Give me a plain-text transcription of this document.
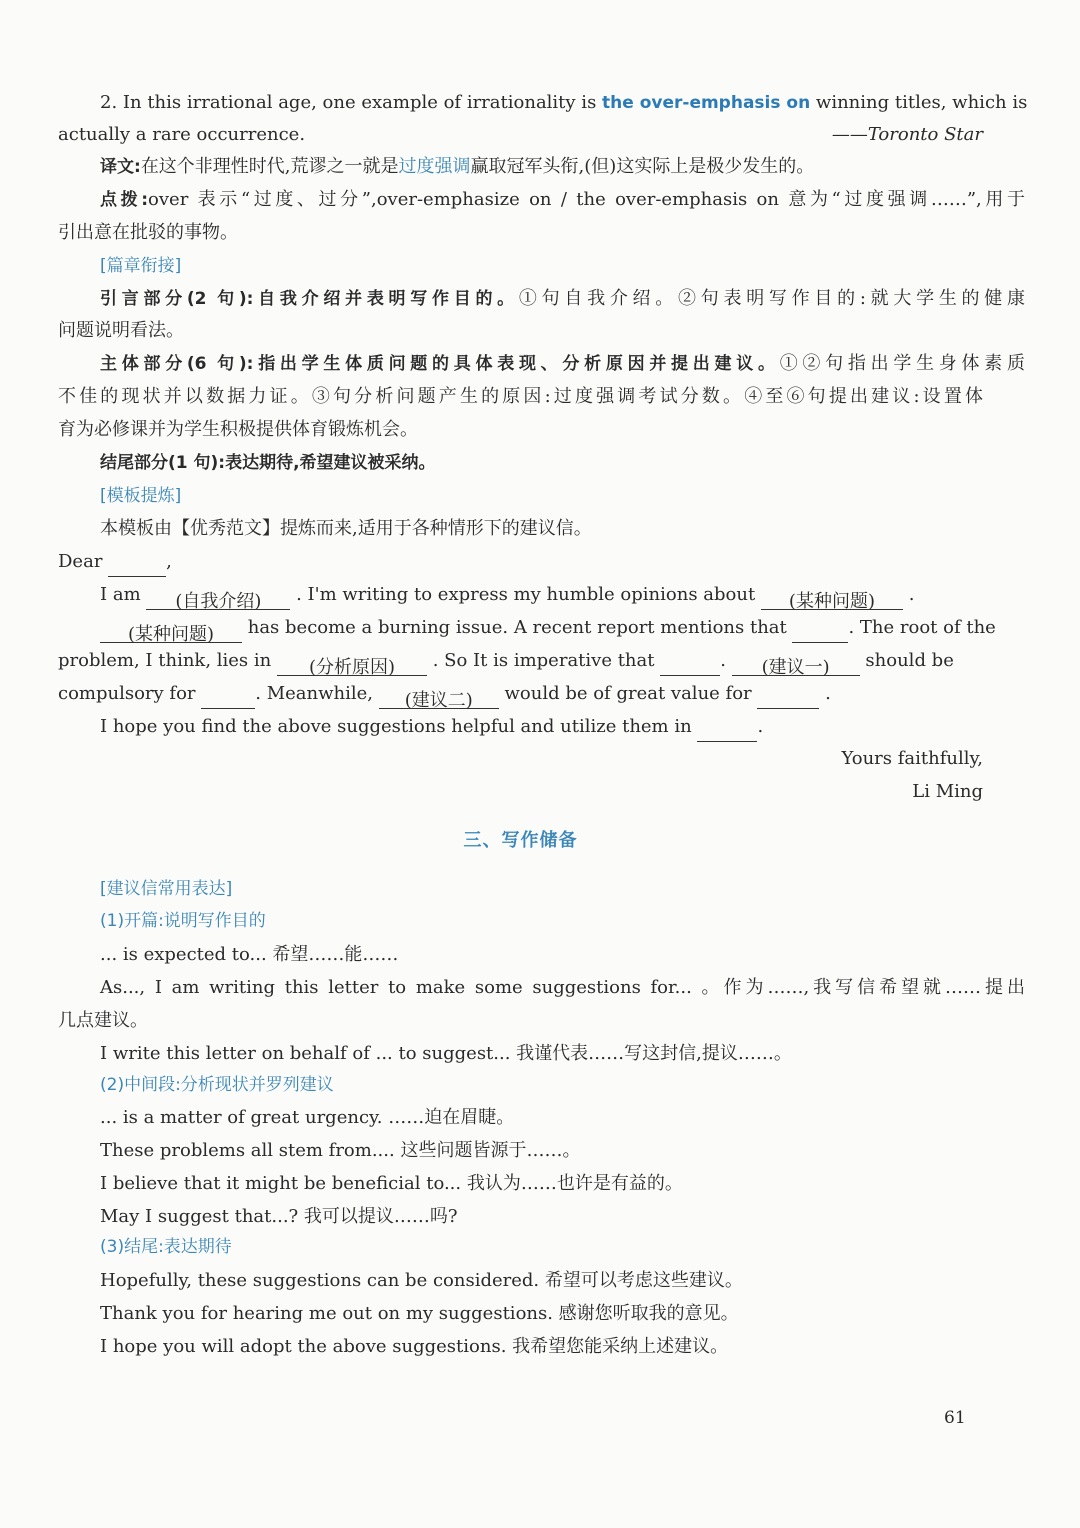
2. In this irrational age, one example of irrationality is the over-emphasis on winning titles, which is
actually a rare occurrence.	——Toronto Star
译文:在这个非理性时代,荒谬之一就是过度强调赢取冠军头衔,(但)这实际上是极少发生的。
点拨:over 表示“过度、过分”,over-emphasize on / the over-emphasis on 意为“过度强调……”,用于
引出意在批驳的事物。
[篇章衔接]
引言部分(2 句):自我介绍并表明写作目的。①句自我介绍。②句表明写作目的:就大学生的健康
问题说明看法。
主体部分(6 句):指出学生体质问题的具体表现、分析原因并提出建议。①②句指出学生身体素质
不佳的现状并以数据力证。③句分析问题产生的原因:过度强调考试分数。④至⑥句提出建议:设置体
育为必修课并为学生积极提供体育锻炼机会。
结尾部分(1 句):表达期待,希望建议被采纳。
[模板提炼]
本模板由【优秀范文】提炼而来,适用于各种情形下的建议信。
Dear	,
I am (自我介绍) . I'm writing to express my humble opinions about (某种问题) .
(某种问题) has become a burning issue. A recent report mentions that	. The root of the
problem, I think, lies in (分析原因) . So It is imperative that	. (建议一) should be
compulsory for	. Meanwhile, (建议二) would be of great value for	.
I hope you find the above suggestions helpful and utilize them in	.
Yours faithfully,
Li Ming
三、写作储备
[建议信常用表达]
(1)开篇:说明写作目的
... is expected to... 希望……能……
As..., I am writing this letter to make some suggestions for... 。作为……,我写信希望就……提出
几点建议。
I write this letter on behalf of ... to suggest... 我谨代表……写这封信,提议……。
(2)中间段:分析现状并罗列建议
... is a matter of great urgency. ……迫在眉睫。
These problems all stem from.... 这些问题皆源于……。
I believe that it might be beneficial to... 我认为……也许是有益的。
May I suggest that...? 我可以提议……吗?
(3)结尾:表达期待
Hopefully, these suggestions can be considered. 希望可以考虑这些建议。
Thank you for hearing me out on my suggestions. 感谢您听取我的意见。
I hope you will adopt the above suggestions. 我希望您能采纳上述建议。
61
